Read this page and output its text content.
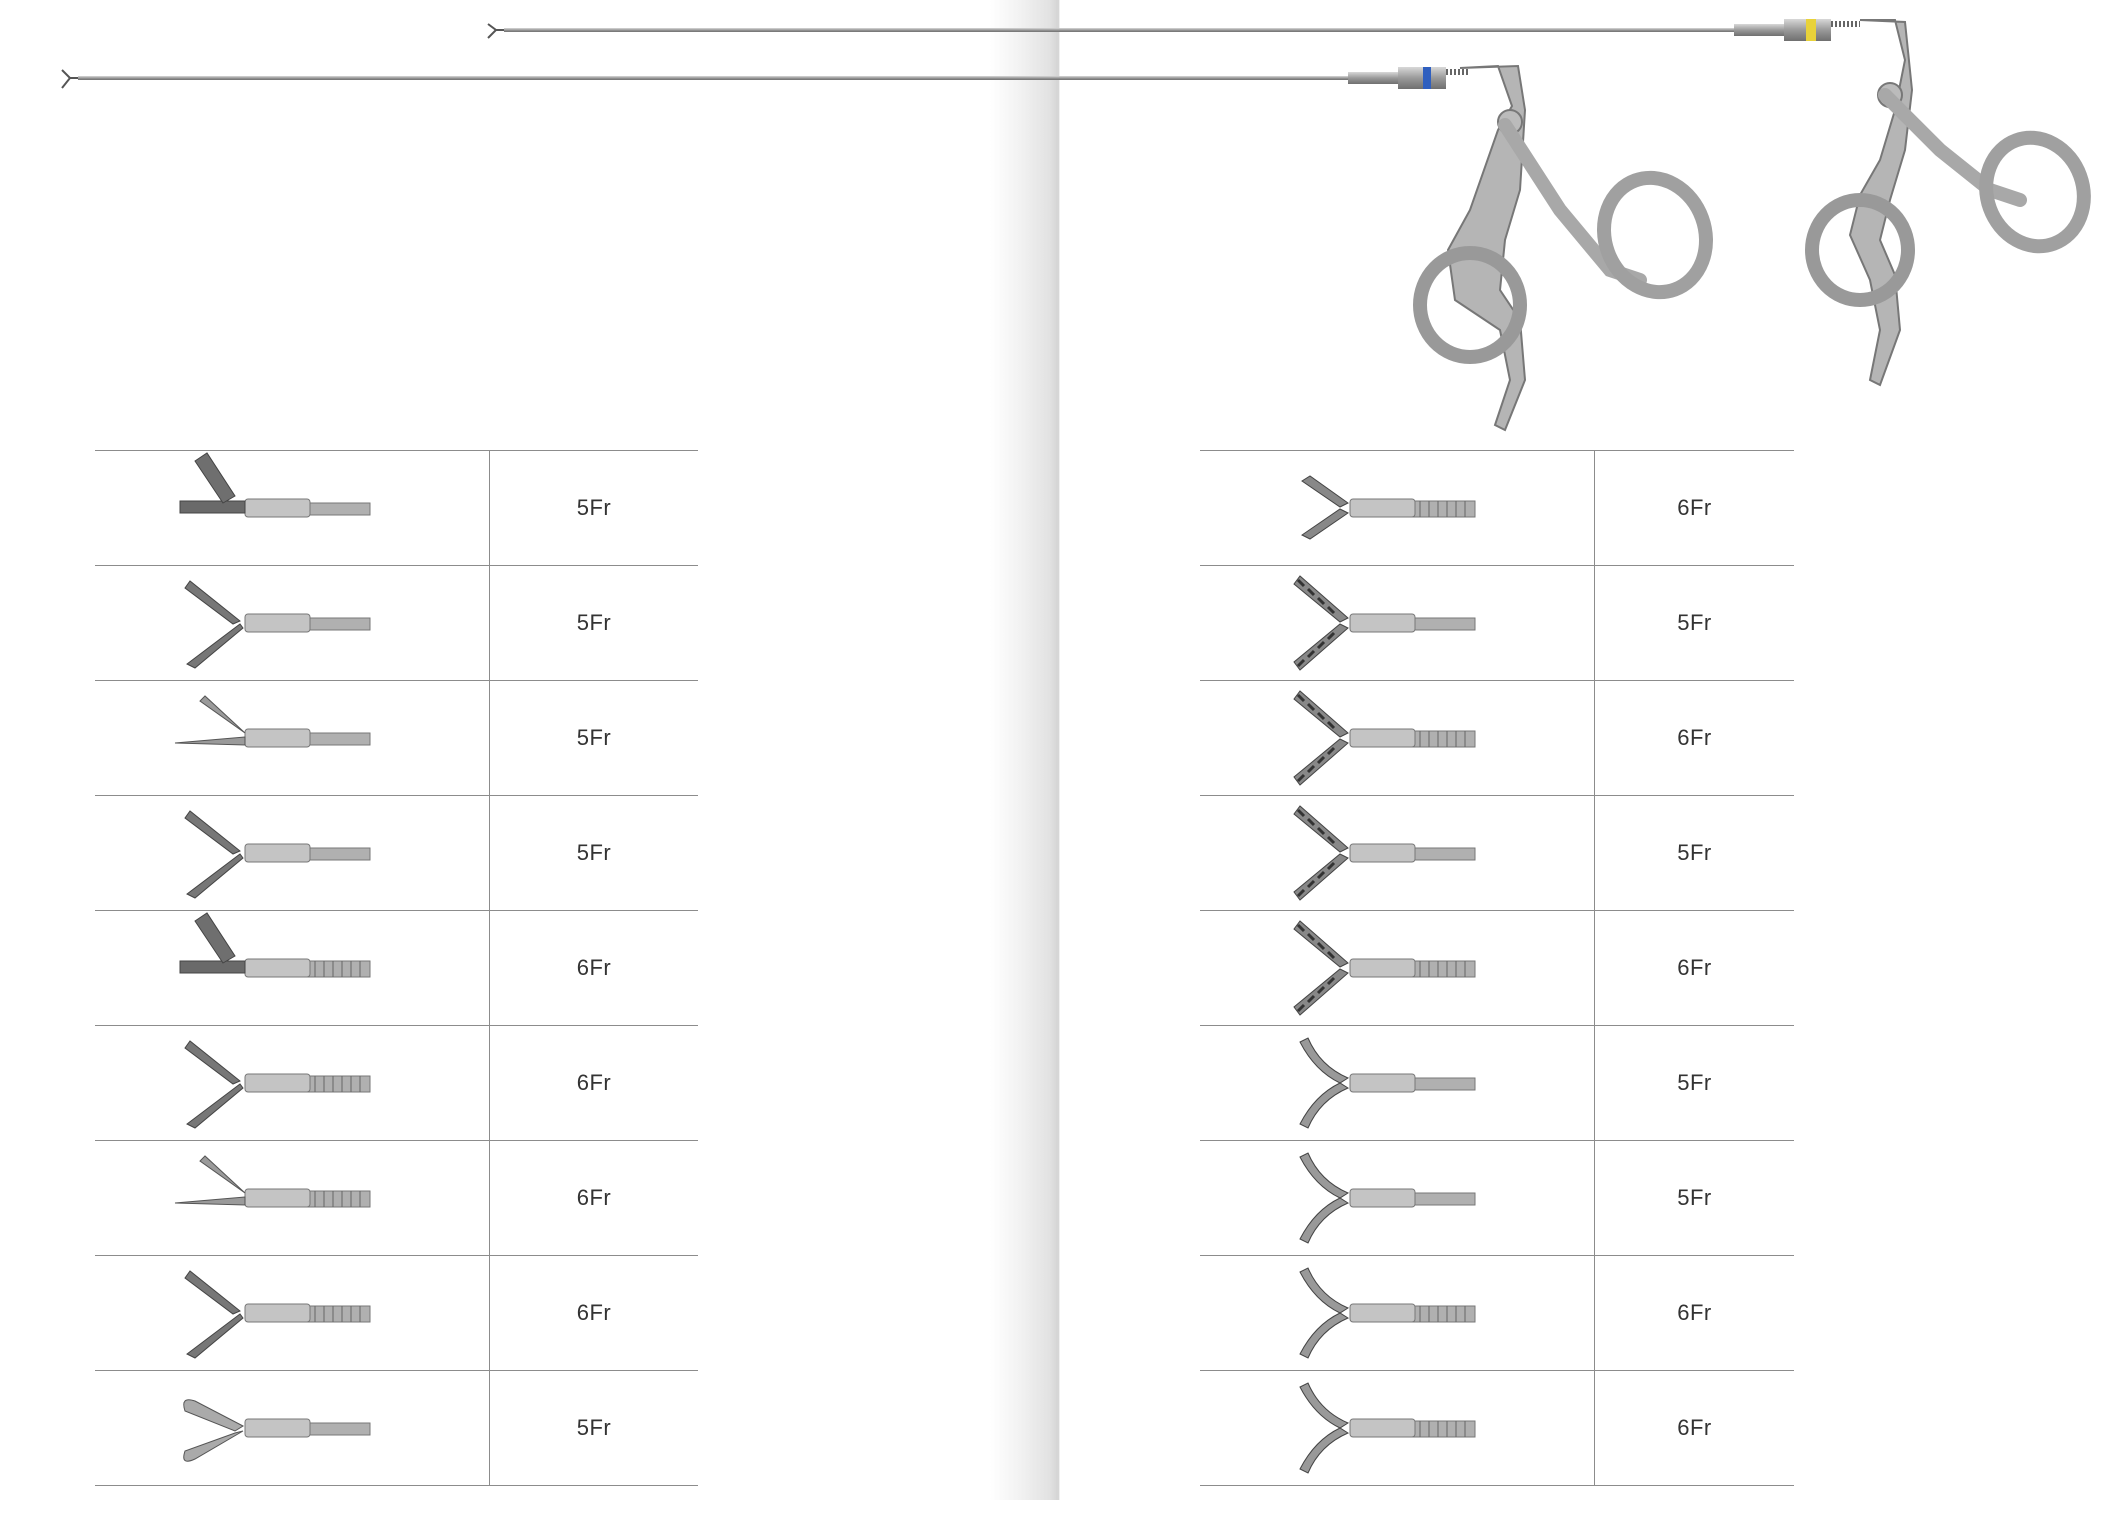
5Fr
5Fr
5Fr
5Fr
6Fr
6Fr
6Fr
6Fr
5Fr
6Fr
5Fr
6Fr
5Fr
6Fr
5Fr
5Fr
6Fr
6Fr
